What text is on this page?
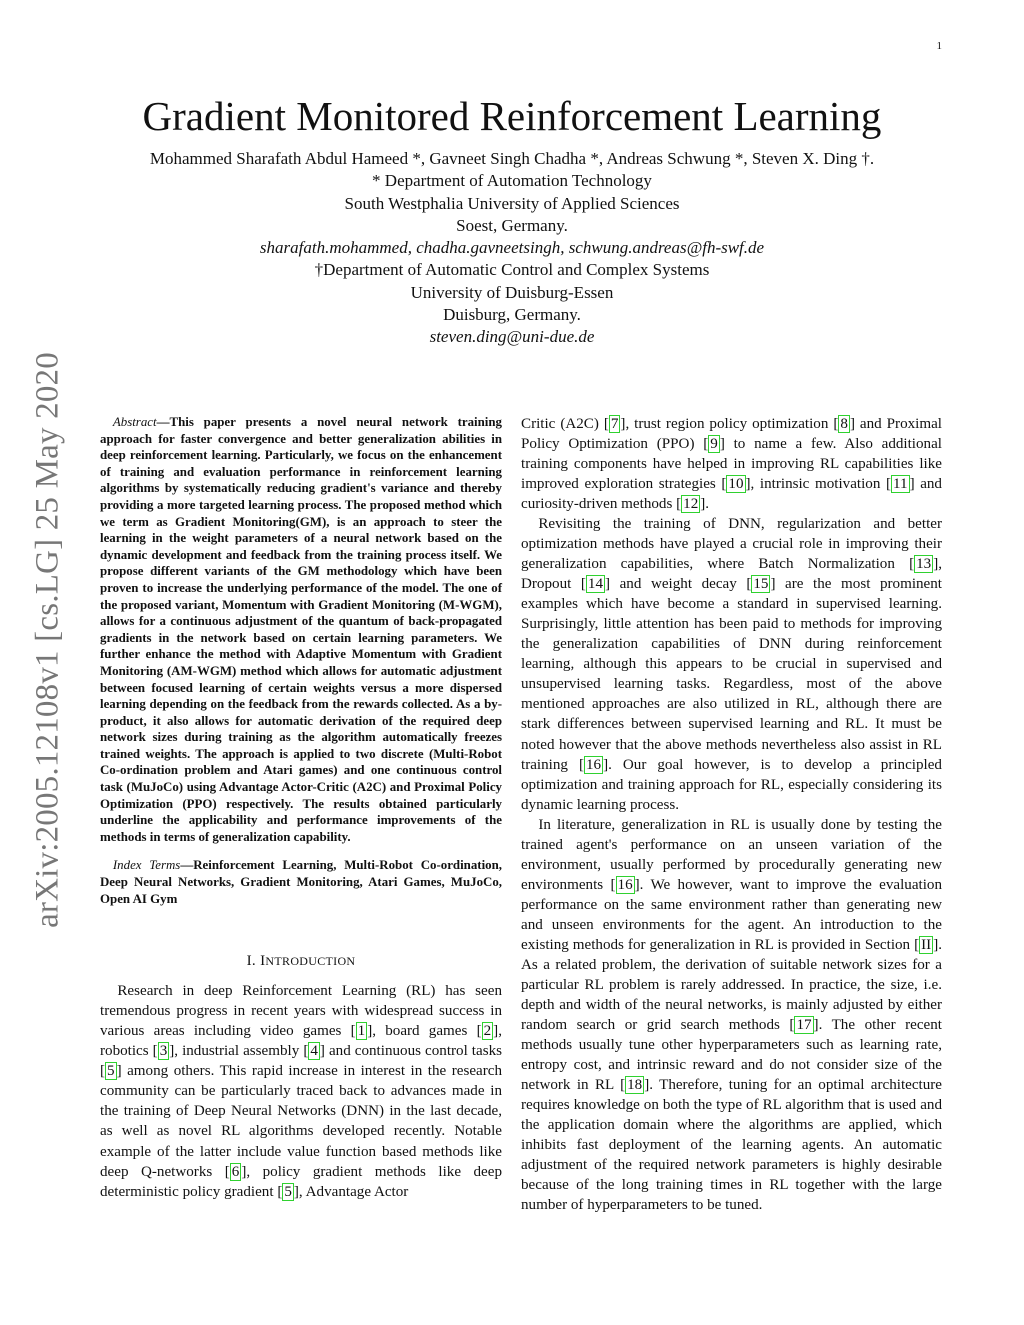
1
arXiv:2005.12108v1 [cs.LG] 25 May 2020
Gradient Monitored Reinforcement Learning
Mohammed Sharafath Abdul Hameed *, Gavneet Singh Chadha *, Andreas Schwung *, Steven X. Ding †.
* Department of Automation Technology
South Westphalia University of Applied Sciences
Soest, Germany.
sharafath.mohammed, chadha.gavneetsingh, schwung.andreas@fh-swf.de
†Department of Automatic Control and Complex Systems
University of Duisburg-Essen
Duisburg, Germany.
steven.ding@uni-due.de

Abstract—This paper presents a novel neural network training approach for faster convergence and better generalization abilities in deep reinforcement learning. Particularly, we focus on the enhancement of training and evaluation performance in reinforcement learning algorithms by systematically reducing gradient's variance and thereby providing a more targeted learning process. The proposed method which we term as Gradient Monitoring(GM), is an approach to steer the learning in the weight parameters of a neural network based on the dynamic development and feedback from the training process itself. We propose different variants of the GM methodology which have been proven to increase the underlying performance of the model. The one of the proposed variant, Momentum with Gradient Monitoring (M-WGM), allows for a continuous adjustment of the quantum of back-propagated gradients in the network based on certain learning parameters. We further enhance the method with Adaptive Momentum with Gradient Monitoring (AM-WGM) method which allows for automatic adjustment between focused learning of certain weights versus a more dispersed learning depending on the feedback from the rewards collected. As a by-product, it also allows for automatic derivation of the required deep network sizes during training as the algorithm automatically freezes trained weights. The approach is applied to two discrete (Multi-Robot Co-ordination problem and Atari games) and one continuous control task (MuJoCo) using Advantage Actor-Critic (A2C) and Proximal Policy Optimization (PPO) respectively. The results obtained particularly underline the applicability and performance improvements of the methods in terms of generalization capability.

Index Terms—Reinforcement Learning, Multi-Robot Co-ordination, Deep Neural Networks, Gradient Monitoring, Atari Games, MuJoCo, Open AI Gym

I. INTRODUCTION

Research in deep Reinforcement Learning (RL) has seen tremendous progress in recent years with widespread success in various areas including video games [ 1 ], board games [ 2 ], robotics [ 3 ], industrial assembly [ 4 ] and continuous control tasks [ 5 ] among others. This rapid increase in interest in the research community can be particularly traced back to advances made in the training of Deep Neural Networks (DNN) in the last decade, as well as novel RL algorithms developed recently. Notable example of the latter include value function based methods like deep Q-networks [ 6 ], policy gradient methods like deep deterministic policy gradient [ 5 ], Advantage Actor

Critic (A2C) [ 7 ], trust region policy optimization [ 8 ] and Proximal Policy Optimization (PPO) [ 9 ] to name a few. Also additional training components have helped in improving RL capabilities like improved exploration strategies [ 10 ], intrinsic motivation [ 11 ] and curiosity-driven methods [ 12 ].

Revisiting the training of DNN, regularization and better optimization methods have played a crucial role in improving their generalization capabilities, where Batch Normalization [ 13 ], Dropout [ 14 ] and weight decay [ 15 ] are the most prominent examples which have become a standard in supervised learning. Surprisingly, little attention has been paid to methods for improving the generalization capabilities of DNN during reinforcement learning, although this appears to be crucial in supervised and unsupervised learning tasks. Regardless, most of the above mentioned approaches are also utilized in RL, although there are stark differences between supervised learning and RL. It must be noted however that the above methods nevertheless also assist in RL training [ 16 ]. Our goal however, is to develop a principled optimization and training approach for RL, especially considering its dynamic learning process.

In literature, generalization in RL is usually done by testing the trained agent's performance on an unseen variation of the environment, usually performed by procedurally generating new environments [ 16 ]. We however, want to improve the evaluation performance on the same environment rather than generating new and unseen environments for the agent. An introduction to the existing methods for generalization in RL is provided in Section [ II ]. As a related problem, the derivation of suitable network sizes for a particular RL problem is rarely addressed. In practice, the size, i.e. depth and width of the neural networks, is mainly adjusted by either random search or grid search methods [ 17 ]. The other recent methods usually tune other hyperparameters such as learning rate, entropy cost, and intrinsic reward and do not consider size of the network in RL [ 18 ]. Therefore, tuning for an optimal architecture requires knowledge on both the type of RL algorithm that is used and the application domain where the algorithms are applied, which inhibits fast deployment of the learning agents. An automatic adjustment of the required network parameters is highly desirable because of the long training times in RL together with the large number of hyperparameters to be tuned.
